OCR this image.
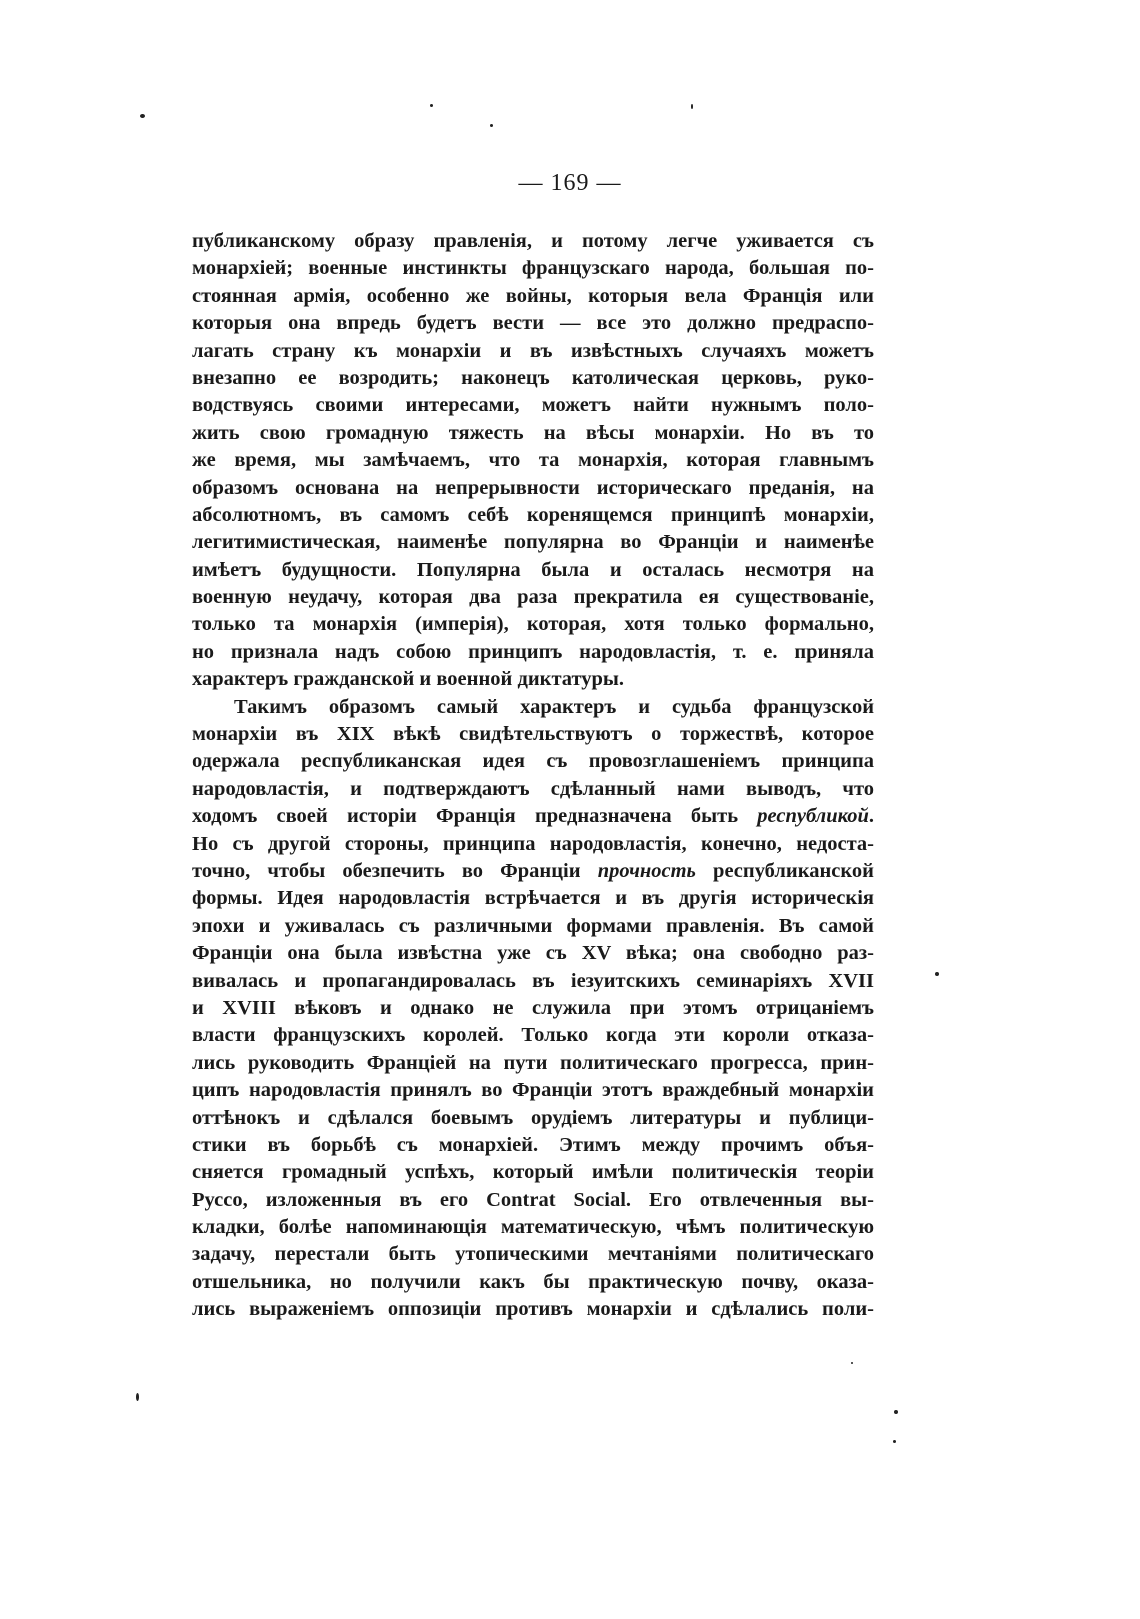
— 169 —
публиканскому образу правленія, и потому легче уживается съ
монархіей; военные инстинкты французскаго народа, большая по-
стоянная армія, особенно же войны, которыя вела Франція или
которыя она впредь будетъ вести — все это должно предраспо-
лагать страну къ монархіи и въ извѣстныхъ случаяхъ можетъ
внезапно ее возродить; наконецъ католическая церковь, руко-
водствуясь своими интересами, можетъ найти нужнымъ поло-
жить свою громадную тяжесть на вѣсы монархіи. Но въ то
же время, мы замѣчаемъ, что та монархія, которая главнымъ
образомъ основана на непрерывности историческаго преданія, на
абсолютномъ, въ самомъ себѣ коренящемся принципѣ монархіи,
легитимистическая, наименѣе популярна во Франціи и наименѣе
имѣетъ будущности. Популярна была и осталась несмотря на
военную неудачу, которая два раза прекратила ея существованіе,
только та монархія (имперія), которая, хотя только формально,
но признала надъ собою принципъ народовластія, т. е. приняла
характеръ гражданской и военной диктатуры.
Такимъ образомъ самый характеръ и судьба французской
монархіи въ XIX вѣкѣ свидѣтельствуютъ о торжествѣ, которое
одержала республиканская идея съ провозглашеніемъ принципа
народовластія, и подтверждаютъ сдѣланный нами выводъ, что
ходомъ своей исторіи Франція предназначена быть республикой.
Но съ другой стороны, принципа народовластія, конечно, недоста-
точно, чтобы обезпечить во Франціи прочность республиканской
формы. Идея народовластія встрѣчается и въ другія историческія
эпохи и уживалась съ различными формами правленія. Въ самой
Франціи она была извѣстна уже съ XV вѣка; она свободно раз-
вивалась и пропагандировалась въ іезуитскихъ семинаріяхъ XVII
и XVIII вѣковъ и однако не служила при этомъ отрицаніемъ
власти французскихъ королей. Только когда эти короли отказа-
лись руководить Франціей на пути политическаго прогресса, прин-
ципъ народовластія принялъ во Франціи этотъ враждебный монархіи
оттѣнокъ и сдѣлался боевымъ орудіемъ литературы и публици-
стики въ борьбѣ съ монархіей. Этимъ между прочимъ объя-
сняется громадный успѣхъ, который имѣли политическія теоріи
Руссо, изложенныя въ его Contrat Social. Его отвлеченныя вы-
кладки, болѣе напоминающія математическую, чѣмъ политическую
задачу, перестали быть утопическими мечтаніями политическаго
отшельника, но получили какъ бы практическую почву, оказа-
лись выраженіемъ оппозиціи противъ монархіи и сдѣлались поли-
